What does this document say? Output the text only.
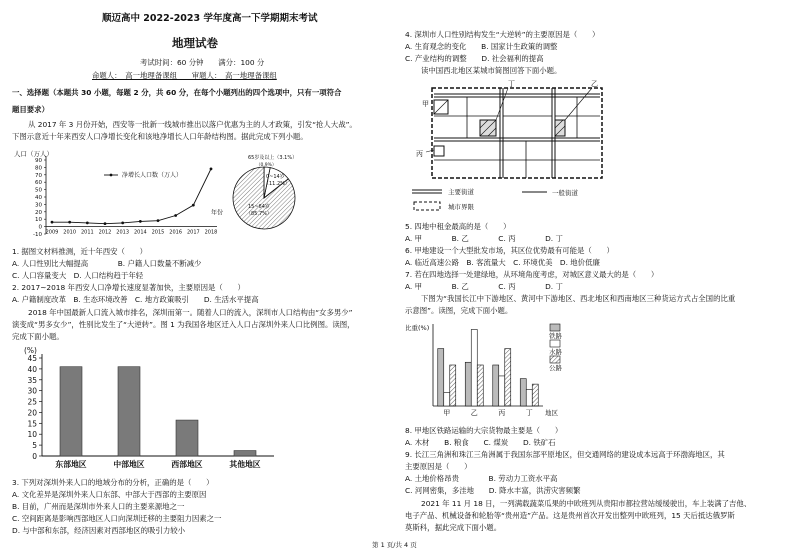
顺迈高中 2022-2023 学年度高一下学期期末考试
地理试卷
考试时间：60 分钟　　满分：100 分
命题人：　高一地理备课组　　审题人：　高一地理备课组
一、选择题（本题共 30 小题，每题 2 分，共 60 分，在每个小题列出的四个选项中，只有一项符合
题目要求）
从 2017 年 3 月份开始，西安等一批新一线城市推出以落户优惠为主的人才政策，引发“抢人大战”。
下图示意近十年来西安人口净增长变化和该地净增长人口年龄结构图。据此完成下列小题。
人口（万人）
-10
0
10
20
30
40
50
60
70
80
90
2009 2010 2011 2012 2013 2014 2015 2016 2017 2018
年份
净增长人口数（万人）
65岁及以上（3.1%）
0~14岁
（11.2%）
15~64岁
（85.7%）
（0.9%）
1. 据图文材料推测，近十年西安（　　）
A. 人口性别比大幅提高　　　　B. 户籍人口数量不断减少
C. 人口容量变大　D. 人口结构趋于年轻
2. 2017~2018 年西安人口净增长速度显著加快，主要原因是（　　）
A. 户籍制度改革　B. 生态环境改善　C. 地方政策吸引　　D. 生活水平提高
2018 年中国最新人口流入城市排名，深圳而第一。随着人口的流入，深圳市人口结构由“女多男少”
演变成“男多女少”，性别比发生了“大逆转”。图 1 为我国各地区迁入人口占深圳外来人口比例图。读图，
完成下面小题。
(%)
0
5
10
15
20
25
30
35
40
45
东部地区	中部地区	西部地区	其他地区
3. 下列对深圳外来人口的地域分布的分析，正确的是（　　）
A. 文化差异是深圳外来人口东部、中部大于西部的主要原因
B. 目前，广州而是深圳市外来人口的主要来源地之一
C. 空间距离是影响西部地区人口向深圳迁移的主要阻力因素之一
D. 与中部和东部，经济因素对西部地区的吸引力较小
4. 深圳市人口性别结构发生“大逆转”的主要原因是（　　）
A. 生育观念的变化　　B. 国家计生政策的调整
C. 产业结构的调整　　D. 社会福利的提高
读中国西北地区某城市简图回答下面小题。
甲
丁	乙
丙
主要街道	一般街道
城市界限
5. 四地中租金最高的是（　　）
A. 甲　　　　B. 乙　　　　C. 丙　　　　D. 丁
6. 甲地建设一个大型批发市场，其区位优势最有可能是（　　）
A. 临近高速公路　B. 客流量大　C. 环境优美　D. 地价低廉
7. 若在四地选择一处建绿地，从环境角度考虑，对城区意义最大的是（　　）
A. 甲　　　　B. 乙　　　　C. 丙　　　　D. 丁
下图为“我国长江中下游地区、黄河中下游地区、西北地区和西南地区三种货运方式占全国的比重
示意图”。读图，完成下面小题。
比重(%)
甲	乙	丙	丁 地区
铁路
水路
公路
8. 甲地区铁路运输的大宗货物最主要是（　　）
A. 木材　　B. 粮食　　C. 煤炭　　D. 铁矿石
9. 长江三角洲和珠江三角洲属于我国东部平原地区，但交通网络的建设成本远高于环渤海地区，其
主要原因是（　　）
A. 土地价格昂贵　　　　B. 劳动力工资水平高
C. 河网密集，多洼地　　D. 降水丰富，洪涝灾害频繁
2021 年 11 月 18 日，一列满载蔬菜瓜果的中欧班列从贵阳市都拉营站缓缓驶出，车上装满了吉他、
电子产品、机械设备和轮胎等“贵州造”产品。这是贵州首次开发出整列中欧班列，15 天后抵达俄罗斯
莫斯科，据此完成下面小题。
第 1 页/共 4 页
